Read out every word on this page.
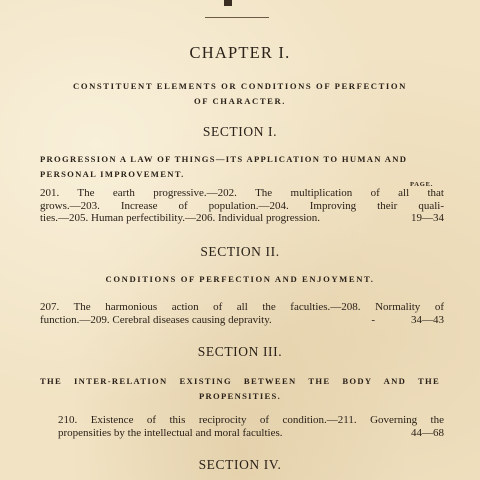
CHAPTER I.

CONSTITUENT ELEMENTS OR CONDITIONS OF PERFECTION
OF CHARACTER.

SECTION I.

PROGRESSION A LAW OF THINGS—ITS APPLICATION TO HUMAN AND
PERSONAL IMPROVEMENT.
PAGE.
201. The earth progressive.—202. The multiplication of all that
grows.—203. Increase of population.—204. Improving their quali-
ties.—205. Human perfectibility.—206. Individual progression.	19—34

SECTION II.

CONDITIONS OF PERFECTION AND ENJOYMENT.
207. The harmonious action of all the faculties.—208. Normality of
function.—209. Cerebral diseases causing depravity.	34—43
-

SECTION III.

THE INTER-RELATION EXISTING BETWEEN THE BODY AND THE
PROPENSITIES.
210. Existence of this reciprocity of condition.—211. Governing the
propensities by the intellectual and moral faculties.	44—68

SECTION IV.
